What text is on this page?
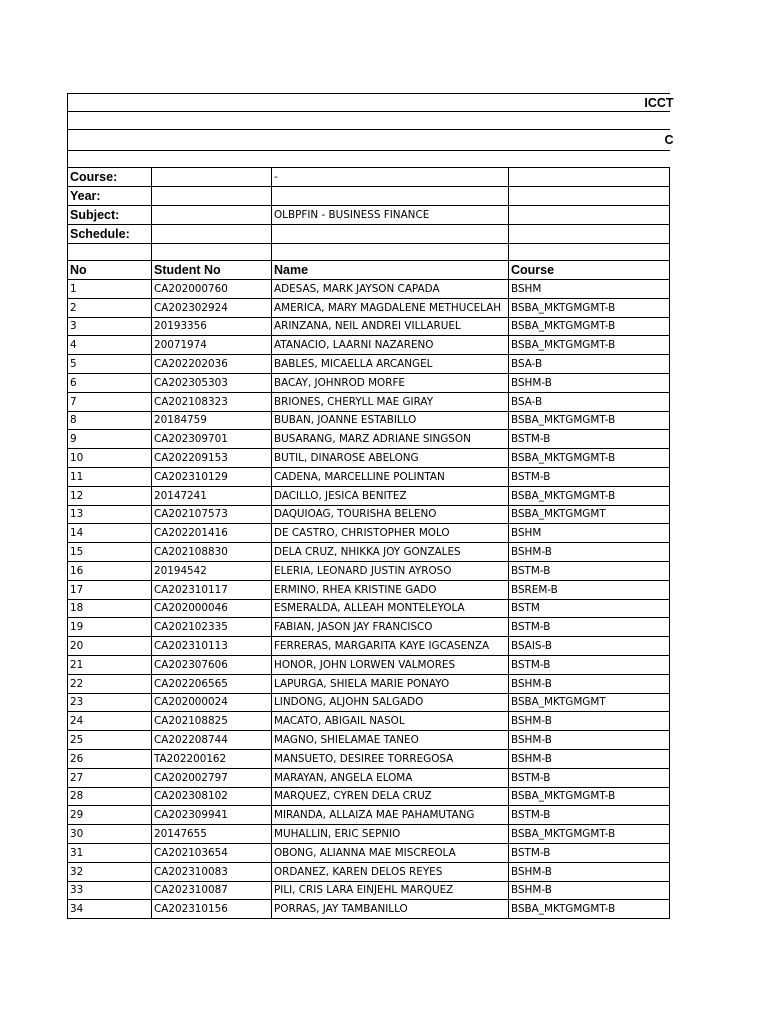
ICCT			

C			

Course:		-	
Year:			
Subject:		OLBPFIN - BUSINESS FINANCE	
Schedule:			

No	Student No	Name	Course
1	CA202000760	ADESAS, MARK JAYSON CAPADA	BSHM
2	CA202302924	AMERICA, MARY MAGDALENE METHUCELAH	BSBA_MKTGMGMT-B
3	20193356	ARINZANA, NEIL ANDREI VILLARUEL	BSBA_MKTGMGMT-B
4	20071974	ATANACIO, LAARNI NAZARENO	BSBA_MKTGMGMT-B
5	CA202202036	BABLES, MICAELLA ARCANGEL	BSA-B
6	CA202305303	BACAY, JOHNROD MORFE	BSHM-B
7	CA202108323	BRIONES, CHERYLL MAE GIRAY	BSA-B
8	20184759	BUBAN, JOANNE ESTABILLO	BSBA_MKTGMGMT-B
9	CA202309701	BUSARANG, MARZ ADRIANE SINGSON	BSTM-B
10	CA202209153	BUTIL, DINAROSE ABELONG	BSBA_MKTGMGMT-B
11	CA202310129	CADENA, MARCELLINE POLINTAN	BSTM-B
12	20147241	DACILLO, JESICA BENITEZ	BSBA_MKTGMGMT-B
13	CA202107573	DAQUIOAG, TOURISHA BELENO	BSBA_MKTGMGMT
14	CA202201416	DE CASTRO, CHRISTOPHER MOLO	BSHM
15	CA202108830	DELA CRUZ, NHIKKA JOY GONZALES	BSHM-B
16	20194542	ELERIA, LEONARD JUSTIN AYROSO	BSTM-B
17	CA202310117	ERMINO, RHEA KRISTINE GADO	BSREM-B
18	CA202000046	ESMERALDA, ALLEAH MONTELEYOLA	BSTM
19	CA202102335	FABIAN, JASON JAY FRANCISCO	BSTM-B
20	CA202310113	FERRERAS, MARGARITA KAYE IGCASENZA	BSAIS-B
21	CA202307606	HONOR, JOHN LORWEN VALMORES	BSTM-B
22	CA202206565	LAPURGA, SHIELA MARIE PONAYO	BSHM-B
23	CA202000024	LINDONG, ALJOHN SALGADO	BSBA_MKTGMGMT
24	CA202108825	MACATO, ABIGAIL NASOL	BSHM-B
25	CA202208744	MAGNO, SHIELAMAE TANEO	BSHM-B
26	TA202200162	MANSUETO, DESIREE TORREGOSA	BSHM-B
27	CA202002797	MARAYAN, ANGELA ELOMA	BSTM-B
28	CA202308102	MARQUEZ, CYREN DELA CRUZ	BSBA_MKTGMGMT-B
29	CA202309941	MIRANDA, ALLAIZA MAE PAHAMUTANG	BSTM-B
30	20147655	MUHALLIN, ERIC SEPNIO	BSBA_MKTGMGMT-B
31	CA202103654	OBONG, ALIANNA MAE MISCREOLA	BSTM-B
32	CA202310083	ORDANEZ, KAREN DELOS REYES	BSHM-B
33	CA202310087	PILI, CRIS LARA EINJEHL MARQUEZ	BSHM-B
34	CA202310156	PORRAS, JAY TAMBANILLO	BSBA_MKTGMGMT-B
